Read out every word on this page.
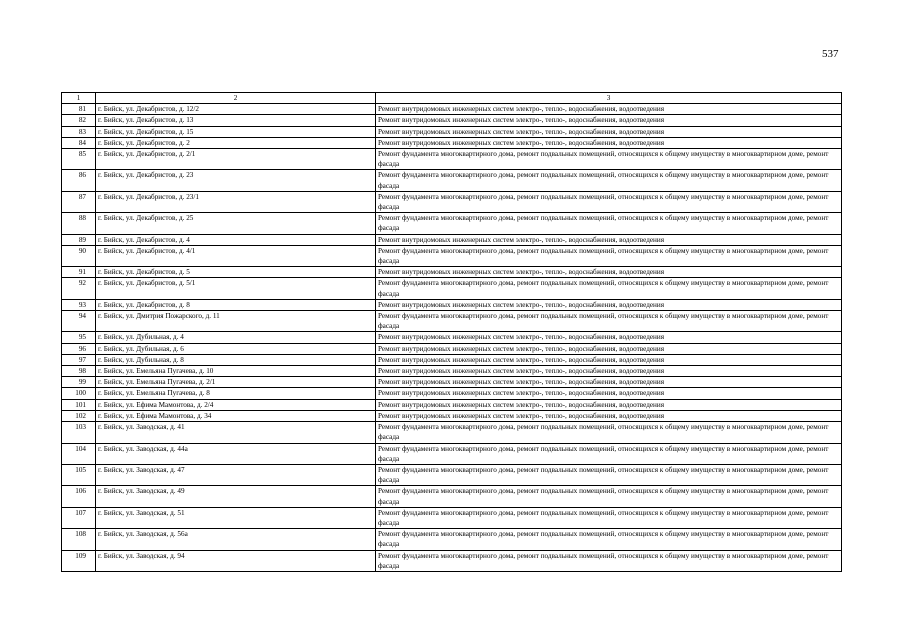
537
1	2	3
81	г. Бийск, ул. Декабристов, д. 12/2	Ремонт внутридомовых инженерных систем электро-, тепло-, водоснабжения, водоотведения
82	г. Бийск, ул. Декабристов, д. 13	Ремонт внутридомовых инженерных систем электро-, тепло-, водоснабжения, водоотведения
83	г. Бийск, ул. Декабристов, д. 15	Ремонт внутридомовых инженерных систем электро-, тепло-, водоснабжения, водоотведения
84	г. Бийск, ул. Декабристов, д. 2	Ремонт внутридомовых инженерных систем электро-, тепло-, водоснабжения, водоотведения
85	г. Бийск, ул. Декабристов, д. 2/1	Ремонт фундамента многоквартирного дома, ремонт подвальных помещений, относящихся к общему имуществу в многоквартирном доме, ремонт фасада
86	г. Бийск, ул. Декабристов, д. 23	Ремонт фундамента многоквартирного дома, ремонт подвальных помещений, относящихся к общему имуществу в многоквартирном доме, ремонт фасада
87	г. Бийск, ул. Декабристов, д. 23/1	Ремонт фундамента многоквартирного дома, ремонт подвальных помещений, относящихся к общему имуществу в многоквартирном доме, ремонт фасада
88	г. Бийск, ул. Декабристов, д. 25	Ремонт фундамента многоквартирного дома, ремонт подвальных помещений, относящихся к общему имуществу в многоквартирном доме, ремонт фасада
89	г. Бийск, ул. Декабристов, д. 4	Ремонт внутридомовых инженерных систем электро-, тепло-, водоснабжения, водоотведения
90	г. Бийск, ул. Декабристов, д. 4/1	Ремонт фундамента многоквартирного дома, ремонт подвальных помещений, относящихся к общему имуществу в многоквартирном доме, ремонт фасада
91	г. Бийск, ул. Декабристов, д. 5	Ремонт внутридомовых инженерных систем электро-, тепло-, водоснабжения, водоотведения
92	г. Бийск, ул. Декабристов, д. 5/1	Ремонт фундамента многоквартирного дома, ремонт подвальных помещений, относящихся к общему имуществу в многоквартирном доме, ремонт фасада
93	г. Бийск, ул. Декабристов, д. 8	Ремонт внутридомовых инженерных систем электро-, тепло-, водоснабжения, водоотведения
94	г. Бийск, ул. Дмитрия Пожарского, д. 11	Ремонт фундамента многоквартирного дома, ремонт подвальных помещений, относящихся к общему имуществу в многоквартирном доме, ремонт фасада
95	г. Бийск, ул. Дубильная, д. 4	Ремонт внутридомовых инженерных систем электро-, тепло-, водоснабжения, водоотведения
96	г. Бийск, ул. Дубильная, д. 6	Ремонт внутридомовых инженерных систем электро-, тепло-, водоснабжения, водоотведения
97	г. Бийск, ул. Дубильная, д. 8	Ремонт внутридомовых инженерных систем электро-, тепло-, водоснабжения, водоотведения
98	г. Бийск, ул. Емельяна Пугачева, д. 10	Ремонт внутридомовых инженерных систем электро-, тепло-, водоснабжения, водоотведения
99	г. Бийск, ул. Емельяна Пугачева, д. 2/1	Ремонт внутридомовых инженерных систем электро-, тепло-, водоснабжения, водоотведения
100	г. Бийск, ул. Емельяна Пугачева, д. 8	Ремонт внутридомовых инженерных систем электро-, тепло-, водоснабжения, водоотведения
101	г. Бийск, ул. Ефима Мамонтова, д. 2/4	Ремонт внутридомовых инженерных систем электро-, тепло-, водоснабжения, водоотведения
102	г. Бийск, ул. Ефима Мамонтова, д. 34	Ремонт внутридомовых инженерных систем электро-, тепло-, водоснабжения, водоотведения
103	г. Бийск, ул. Заводская, д. 41	Ремонт фундамента многоквартирного дома, ремонт подвальных помещений, относящихся к общему имуществу в многоквартирном доме, ремонт фасада
104	г. Бийск, ул. Заводская, д. 44а	Ремонт фундамента многоквартирного дома, ремонт подвальных помещений, относящихся к общему имуществу в многоквартирном доме, ремонт фасада
105	г. Бийск, ул. Заводская, д. 47	Ремонт фундамента многоквартирного дома, ремонт подвальных помещений, относящихся к общему имуществу в многоквартирном доме, ремонт фасада
106	г. Бийск, ул. Заводская, д. 49	Ремонт фундамента многоквартирного дома, ремонт подвальных помещений, относящихся к общему имуществу в многоквартирном доме, ремонт фасада
107	г. Бийск, ул. Заводская, д. 51	Ремонт фундамента многоквартирного дома, ремонт подвальных помещений, относящихся к общему имуществу в многоквартирном доме, ремонт фасада
108	г. Бийск, ул. Заводская, д. 56а	Ремонт фундамента многоквартирного дома, ремонт подвальных помещений, относящихся к общему имуществу в многоквартирном доме, ремонт фасада
109	г. Бийск, ул. Заводская, д. 94	Ремонт фундамента многоквартирного дома, ремонт подвальных помещений, относящихся к общему имуществу в многоквартирном доме, ремонт фасада
